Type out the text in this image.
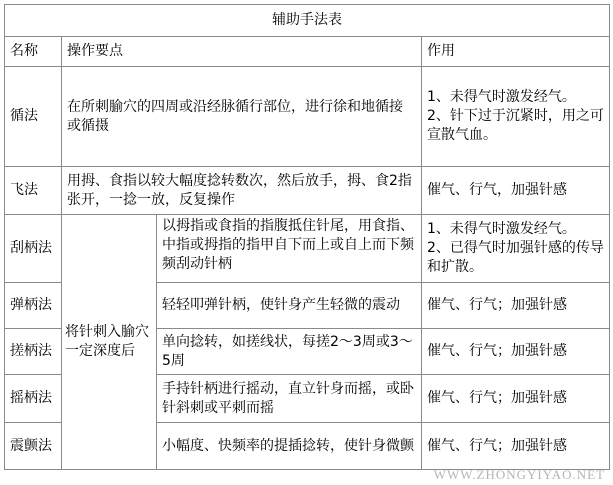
辅助手法表			
名称	操作要点		作用
循法	在所刺腧穴的四周或沿经脉循行部位，进行徐和地循接或循摄		1、未得气时激发经气。
2、针下过于沉紧时，用之可宣散气血。
飞法	用拇、食指以较大幅度捻转数次，然后放手，拇、食2指张开，一捻一放，反复操作		催气、行气，加强针感
刮柄法	将针刺入腧穴一定深度后	以拇指或食指的指腹抵住针尾，用食指、中指或拇指的指甲自下而上或自上而下频频刮动针柄	1、未得气时激发经气。
2、已得气时加强针感的传导和扩散。
弹柄法		轻轻叩弹针柄，使针身产生轻微的震动	催气、行气；加强针感
搓柄法		单向捻转，如搓线状，每搓2～3周或3～5周	催气、行气；加强针感
摇柄法		手持针柄进行摇动，直立针身而摇，或卧针斜刺或平刺而摇	催气、行气；加强针感
震颤法		小幅度、快频率的提插捻转，使针身微颤	催气、行气；加强针感
WWW.ZHONGYIYAO.NET
